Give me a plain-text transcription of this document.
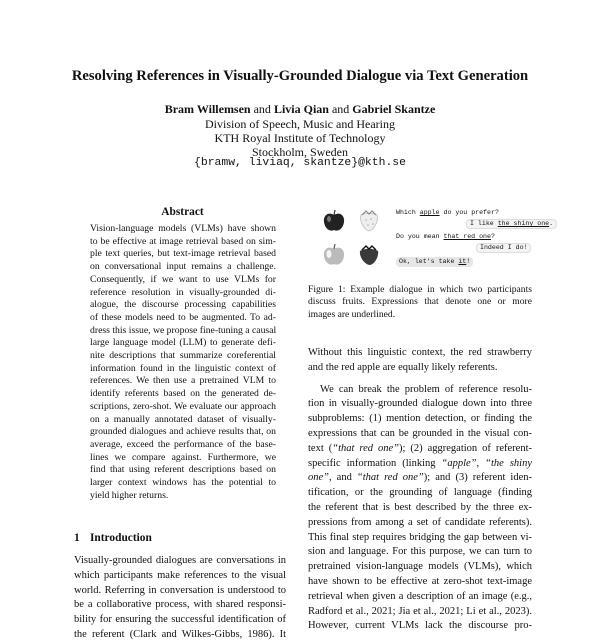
Resolving References in Visually-Grounded Dialogue via Text Generation
Bram Willemsen and Livia Qian and Gabriel Skantze
Division of Speech, Music and Hearing
KTH Royal Institute of Technology
Stockholm, Sweden
{bramw, liviaq, skantze}@kth.se
Abstract
Vision-language models (VLMs) have shown
to be effective at image retrieval based on sim-
ple text queries, but text-image retrieval based
on conversational input remains a challenge.
Consequently, if we want to use VLMs for
reference resolution in visually-grounded di-
alogue, the discourse processing capabilities
of these models need to be augmented. To ad-
dress this issue, we propose fine-tuning a causal
large language model (LLM) to generate defi-
nite descriptions that summarize coreferential
information found in the linguistic context of
references. We then use a pretrained VLM to
identify referents based on the generated de-
scriptions, zero-shot. We evaluate our approach
on a manually annotated dataset of visually-
grounded dialogues and achieve results that, on
average, exceed the performance of the base-
lines we compare against. Furthermore, we
find that using referent descriptions based on
larger context windows has the potential to
yield higher returns.
1 Introduction
Visually-grounded dialogues are conversations in
which participants make references to the visual
world. Referring in conversation is understood to
be a collaborative process, with shared responsi-
bility for ensuring the successful identification of
the referent (Clark and Wilkes-Gibbs, 1986). It
Which apple do you prefer?
I like the shiny one.
Do you mean that red one?
Indeed I do!
Ok, let's take it!
Figure 1: Example dialogue in which two participants
discuss fruits. Expressions that denote one or more
images are underlined.
Without this linguistic context, the red strawberry
and the red apple are equally likely referents.
We can break the problem of reference resolu-
tion in visually-grounded dialogue down into three
subproblems: (1) mention detection, or finding the
expressions that can be grounded in the visual con-
text (“that red one”); (2) aggregation of referent-
specific information (linking “apple”, “the shiny
one”, and “that red one”); and (3) referent iden-
tification, or the grounding of language (finding
the referent that is best described by the three ex-
pressions from among a set of candidate referents).
This final step requires bridging the gap between vi-
sion and language. For this purpose, we can turn to
pretrained vision-language models (VLMs), which
have shown to be effective at zero-shot text-image
retrieval when given a description of an image (e.g.,
Radford et al., 2021; Jia et al., 2021; Li et al., 2023).
However, current VLMs lack the discourse pro-
